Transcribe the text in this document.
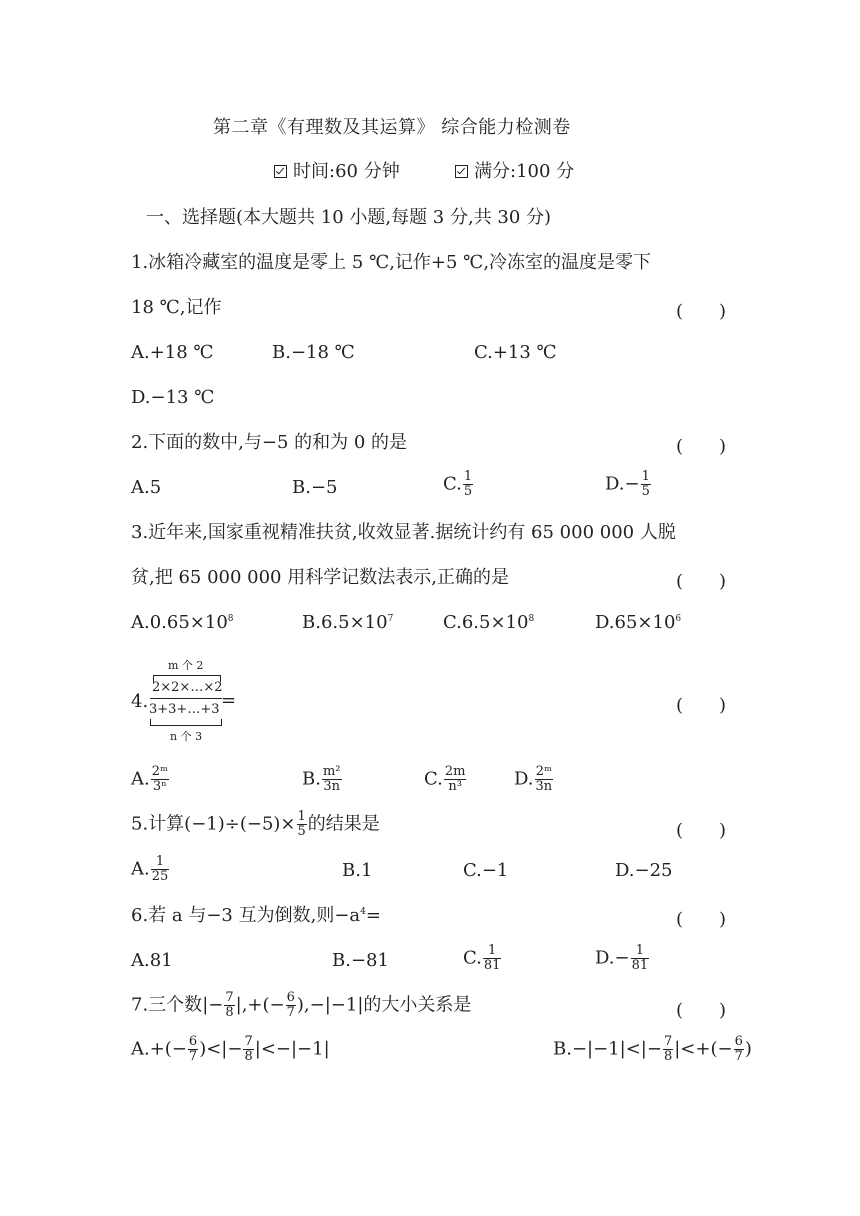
第二章《有理数及其运算》 综合能力检测卷
时间:60 分钟	满分:100 分
一、选择题(本大题共 10 小题,每题 3 分,共 30 分)
1.冰箱冷藏室的温度是零上 5 ℃,记作+5 ℃,冷冻室的温度是零下
18 ℃,记作	(　　)
A.+18 ℃	B.−18 ℃	C.+13 ℃
D.−13 ℃
2.下面的数中,与−5 的和为 0 的是	(　　)
A.5	B.−5	C. $\frac{1}{5}$	$D.- \frac{1}{5}$
3.近年来,国家重视精准扶贫,收效显著.据统计约有 65 000 000 人脱
贫,把 65 000 000 用科学记数法表示,正确的是	(　　)
$A.0.65\times 10^8$	$B.6.5\times 10^7$	$C.6.5\times 10^8$	$D.65\times 10^6$
4.
m 个 2
2×2×…×2
3+3+…+3
n 个 3
=	(　　)
A. $\frac{\text{2ᵐ}}{\text{3ⁿ}}$	B. $\frac{\text{m²}}{3n}$	C. $\frac{2m}{\text{n³}}$	D. $\frac{\text{2ᵐ}}{3n}$
5.计算$(-1)\div(-5)\times \frac{1}{5}$ 的结果是	(　　)
A. $\frac{1}{25}$	B.1	C.−1	D.−25
6.若 a 与−3 互为倒数,则$-a^4=$	(　　)
A.81	B.−81	C. $\frac{1}{81}$	$D.- \frac{1}{81}$
7.三个数|− $\frac{7}{8}$ |,+(− $\frac{6}{7} ),-|-1|$的大小关系是	(　　)
$A.+(- \frac{6}{7}$ )<|− $\frac{7}{8} |<-|-1|$	$B.-|-1|<|- \frac{7}{8}$ |<+(− $\frac{6}{7}$ )
